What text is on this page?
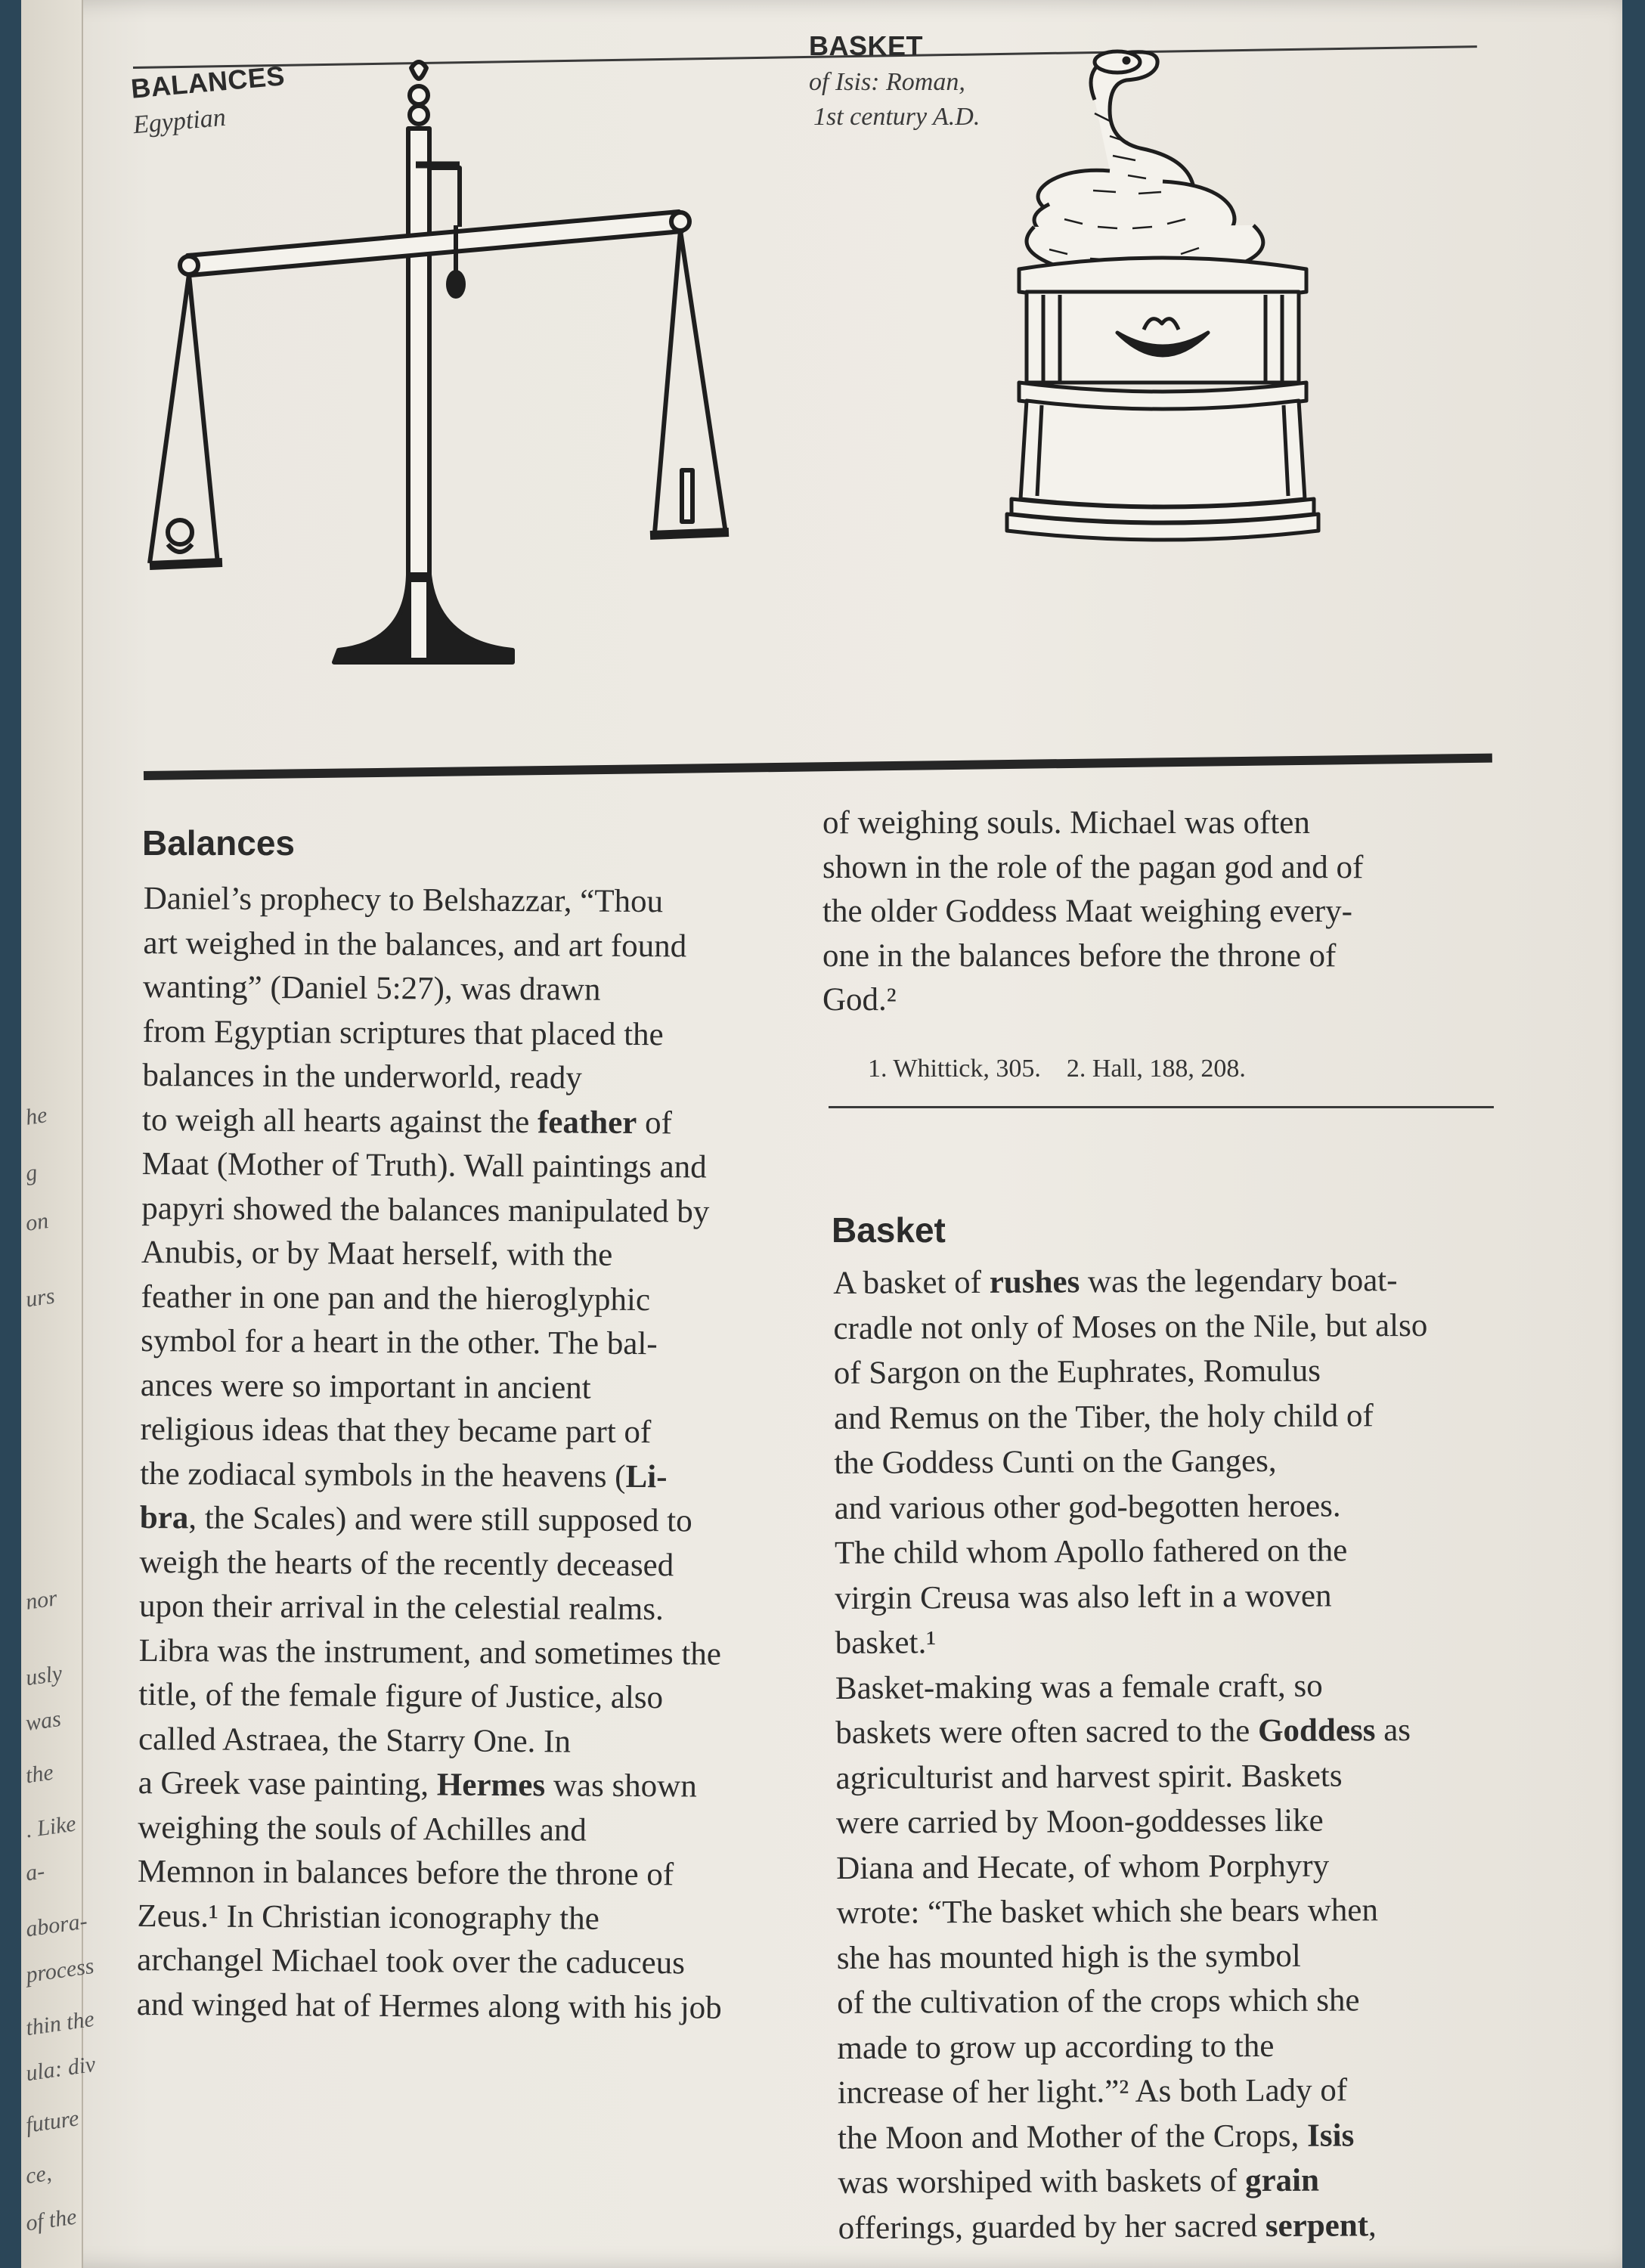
he
g
on
urs
nor
usly
was
the
. Like
a-
abora-
process
thin the
ula: div
future
ce,
of the
BALANCES
Egyptian
BASKET
of Isis: Roman,
1st century A.D.
Balances

Daniel’s prophecy to Belshazzar, “Thou

art weighed in the balances, and art found

wanting” (Daniel 5:27), was drawn

from Egyptian scriptures that placed the

balances in the underworld, ready

to weigh all hearts against the feather of

Maat (Mother of Truth). Wall paintings and

papyri showed the balances manipulated by

Anubis, or by Maat herself, with the

feather in one pan and the hieroglyphic

symbol for a heart in the other. The bal-

ances were so important in ancient

religious ideas that they became part of

the zodiacal symbols in the heavens (Li-

bra, the Scales) and were still supposed to

weigh the hearts of the recently deceased

upon their arrival in the celestial realms.

Libra was the instrument, and sometimes the

title, of the female figure of Justice, also

called Astraea, the Starry One. In

a Greek vase painting, Hermes was shown

weighing the souls of Achilles and

Memnon in balances before the throne of

Zeus.¹ In Christian iconography the

archangel Michael took over the caduceus

and winged hat of Hermes along with his job

of weighing souls. Michael was often

shown in the role of the pagan god and of

the older Goddess Maat weighing every-

one in the balances before the throne of

God.²

1. Whittick, 305.    2. Hall, 188, 208.
Basket

A basket of rushes was the legendary boat-

cradle not only of Moses on the Nile, but also

of Sargon on the Euphrates, Romulus

and Remus on the Tiber, the holy child of

the Goddess Cunti on the Ganges,

and various other god-begotten heroes.

The child whom Apollo fathered on the

virgin Creusa was also left in a woven

basket.¹

Basket-making was a female craft, so

baskets were often sacred to the Goddess as

agriculturist and harvest spirit. Baskets

were carried by Moon-goddesses like

Diana and Hecate, of whom Porphyry

wrote: “The basket which she bears when

she has mounted high is the symbol

of the cultivation of the crops which she

made to grow up according to the

increase of her light.”² As both Lady of

the Moon and Mother of the Crops, Isis

was worshiped with baskets of grain

offerings, guarded by her sacred serpent,
